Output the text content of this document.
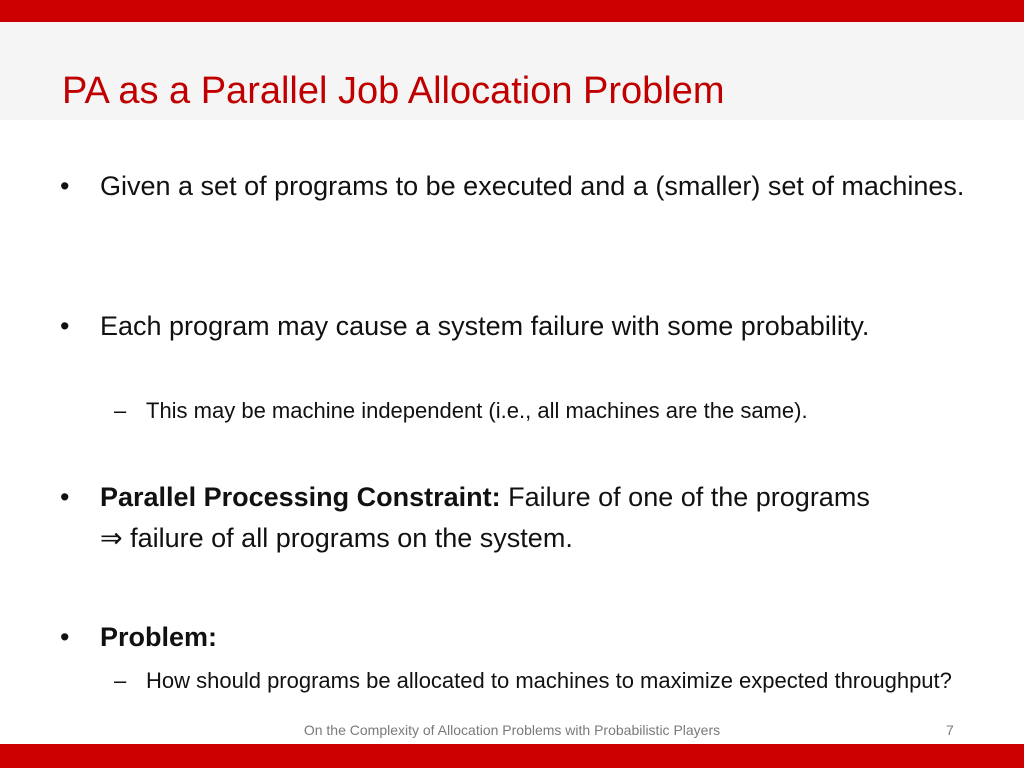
PA as a Parallel Job Allocation Problem
• Given a set of programs to be executed and a (smaller) set of machines.
• Each program may cause a system failure with some probability.
– This may be machine independent (i.e., all machines are the same).
• Parallel Processing Constraint: Failure of one of the programs
⇒ failure of all programs on the system.
• Problem:
– How should programs be allocated to machines to maximize expected throughput?
On the Complexity of Allocation Problems with Probabilistic Players	7
